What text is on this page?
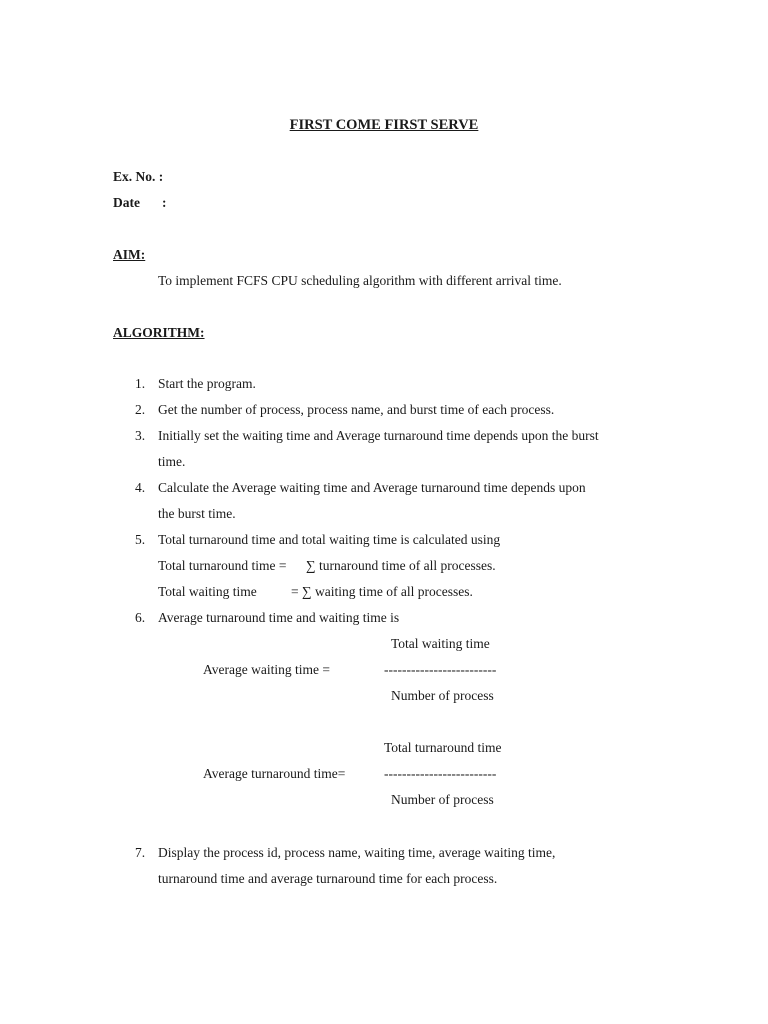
FIRST COME FIRST SERVE
Ex. No. :
Date :
AIM:
To implement FCFS CPU scheduling algorithm with different arrival time.
ALGORITHM:
1. Start the program.
2. Get the number of process, process name, and burst time of each process.
3. Initially set the waiting time and Average turnaround time depends upon the burst
time.
4. Calculate the Average waiting time and Average turnaround time depends upon
the burst time.
5. Total turnaround time and total waiting time is calculated using
Total turnaround time = ∑ turnaround time of all processes.
Total waiting time	= ∑ waiting time of all processes.
6. Average turnaround time and waiting time is
Total waiting time
Average waiting time =	-------------------------
Number of process
Total turnaround time
Average turnaround time=	-------------------------
Number of process
7. Display the process id, process name, waiting time, average waiting time,
turnaround time and average turnaround time for each process.
